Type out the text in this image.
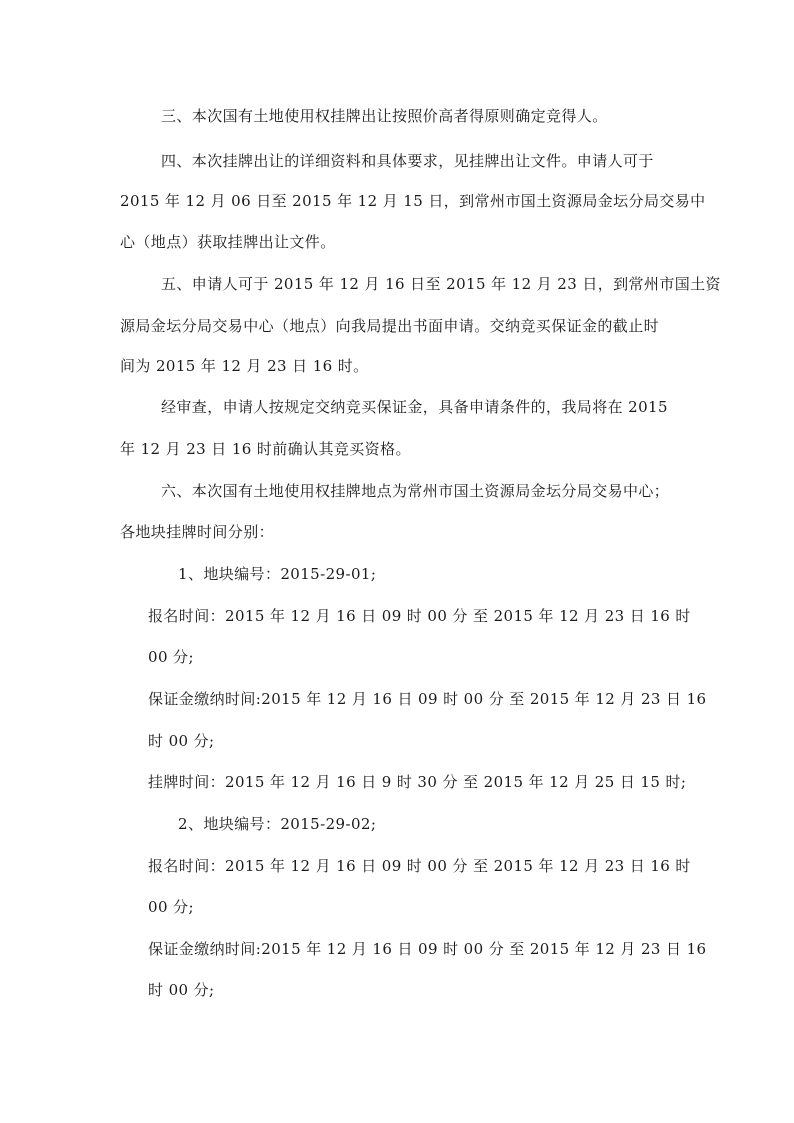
三、本次国有土地使用权挂牌出让按照价高者得原则确定竞得人。
四、本次挂牌出让的详细资料和具体要求，见挂牌出让文件。申请人可于
2015 年 12 月 06 日至 2015 年 12 月 15 日，到常州市国土资源局金坛分局交易中
心（地点）获取挂牌出让文件。
五、申请人可于 2015 年 12 月 16 日至 2015 年 12 月 23 日，到常州市国土资
源局金坛分局交易中心（地点）向我局提出书面申请。交纳竞买保证金的截止时
间为 2015 年 12 月 23 日 16 时。
经审查，申请人按规定交纳竞买保证金，具备申请条件的，我局将在 2015
年 12 月 23 日 16 时前确认其竞买资格。
六、本次国有土地使用权挂牌地点为常州市国土资源局金坛分局交易中心；
各地块挂牌时间分别：
1、地块编号：2015-29-01;
报名时间：2015 年 12 月 16 日 09 时 00 分 至 2015 年 12 月 23 日 16 时
00 分;
保证金缴纳时间:2015 年 12 月 16 日 09 时 00 分 至 2015 年 12 月 23 日 16
时 00 分;
挂牌时间：2015 年 12 月 16 日 9 时 30 分 至 2015 年 12 月 25 日 15 时;
2、地块编号：2015-29-02;
报名时间：2015 年 12 月 16 日 09 时 00 分 至 2015 年 12 月 23 日 16 时
00 分;
保证金缴纳时间:2015 年 12 月 16 日 09 时 00 分 至 2015 年 12 月 23 日 16
时 00 分;
